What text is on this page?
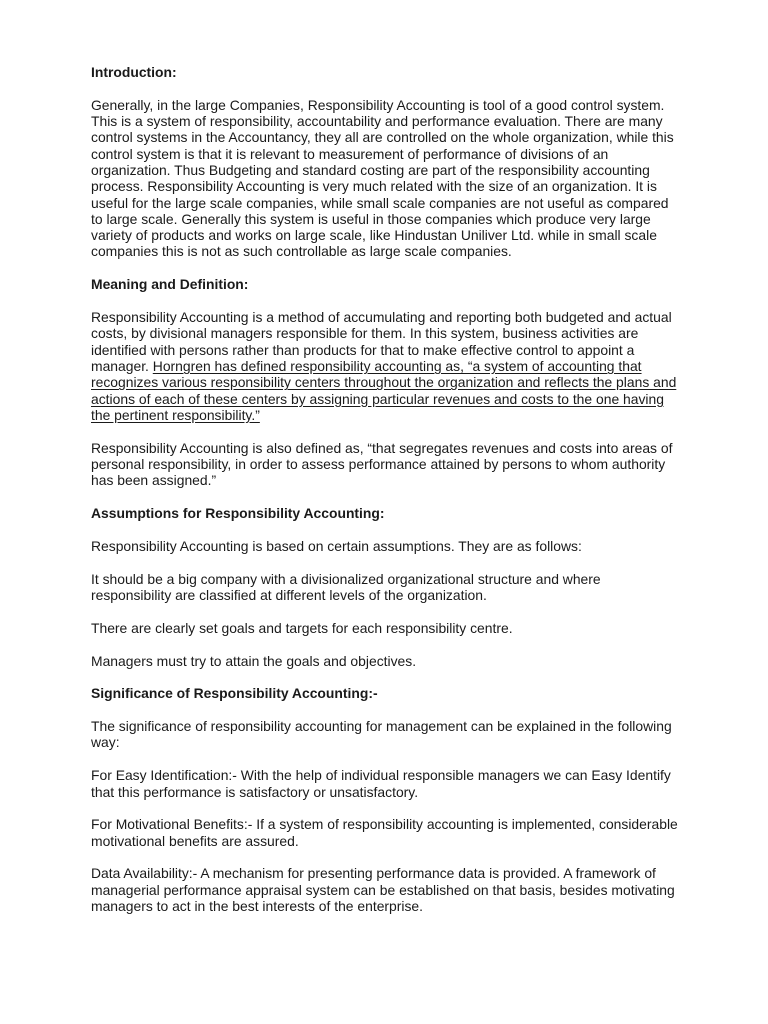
Introduction:

Generally, in the large Companies, Responsibility Accounting is tool of a good control system. This is a system of responsibility, accountability and performance evaluation. There are many control systems in the Accountancy, they all are controlled on the whole organization, while this control system is that it is relevant to measurement of performance of divisions of an organization. Thus Budgeting and standard costing are part of the responsibility accounting process. Responsibility Accounting is very much related with the size of an organization. It is useful for the large scale companies, while small scale companies are not useful as compared to large scale. Generally this system is useful in those companies which produce very large variety of products and works on large scale, like Hindustan Uniliver Ltd. while in small scale companies this is not as such controllable as large scale companies.

Meaning and Definition:

Responsibility Accounting is a method of accumulating and reporting both budgeted and actual costs, by divisional managers responsible for them. In this system, business activities are identified with persons rather than products for that to make effective control to appoint a manager. Horngren has defined responsibility accounting as, “a system of accounting that recognizes various responsibility centers throughout the organization and reflects the plans and actions of each of these centers by assigning particular revenues and costs to the one having the pertinent responsibility.”

Responsibility Accounting is also defined as, “that segregates revenues and costs into areas of personal responsibility, in order to assess performance attained by persons to whom authority has been assigned.”

Assumptions for Responsibility Accounting:

Responsibility Accounting is based on certain assumptions. They are as follows:

It should be a big company with a divisionalized organizational structure and where responsibility are classified at different levels of the organization.

There are clearly set goals and targets for each responsibility centre.

Managers must try to attain the goals and objectives.

Significance of Responsibility Accounting:-

The significance of responsibility accounting for management can be explained in the following way:

For Easy Identification:- With the help of individual responsible managers we can Easy Identify that this performance is satisfactory or unsatisfactory.

For Motivational Benefits:- If a system of responsibility accounting is implemented, considerable motivational benefits are assured.

Data Availability:- A mechanism for presenting performance data is provided. A framework of managerial performance appraisal system can be established on that basis, besides motivating managers to act in the best interests of the enterprise.
